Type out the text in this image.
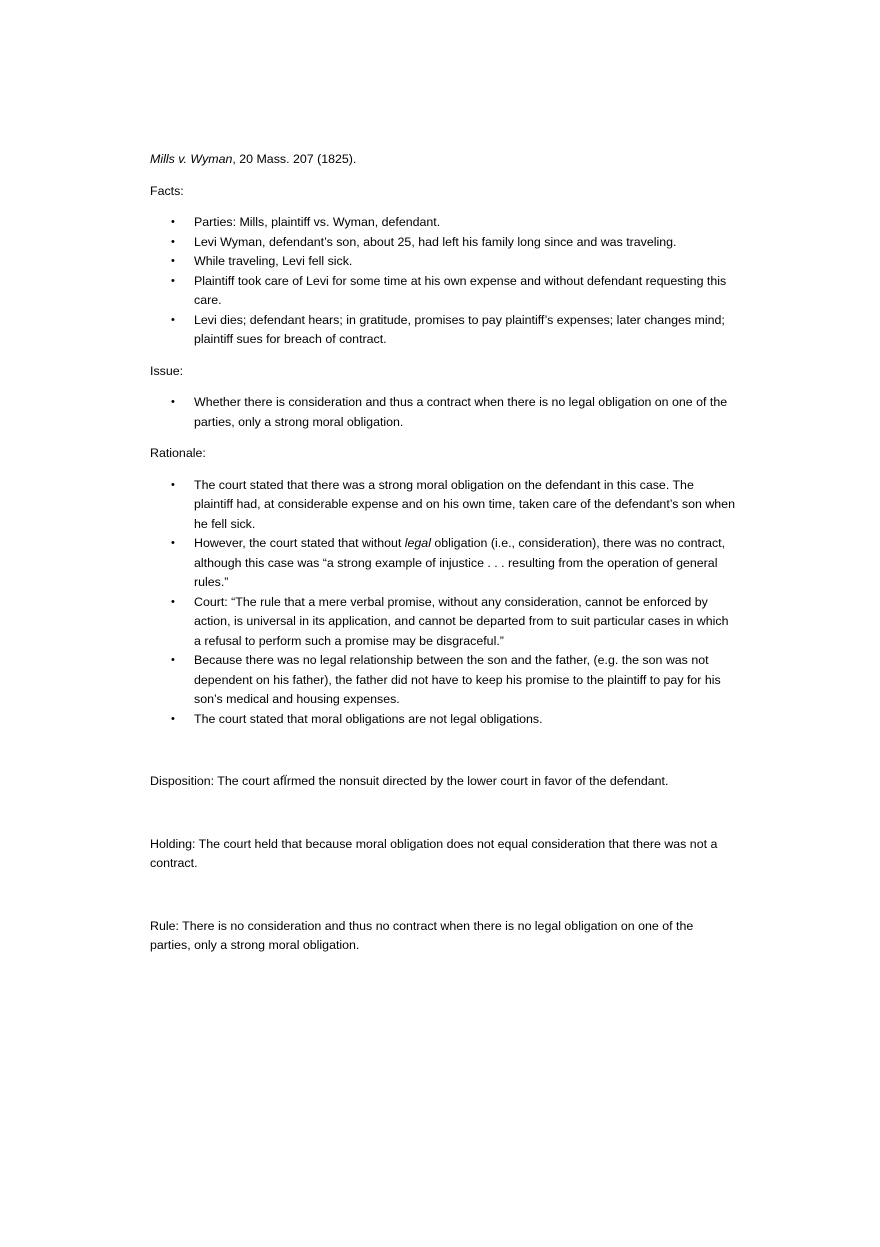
Mills v. Wyman, 20 Mass. 207 (1825).

Facts:

• Parties: Mills, plaintiff vs. Wyman, defendant.
• Levi Wyman, defendant’s son, about 25, had left his family long since and was traveling.
• While traveling, Levi fell sick.
• Plaintiff took care of Levi for some time at his own expense and without defendant requesting this care.
• Levi dies; defendant hears; in gratitude, promises to pay plaintiff’s expenses; later changes mind; plaintiff sues for breach of contract.

Issue:

• Whether there is consideration and thus a contract when there is no legal obligation on one of the parties, only a strong moral obligation.

Rationale:

• The court stated that there was a strong moral obligation on the defendant in this case. The plaintiff had, at considerable expense and on his own time, taken care of the defendant’s son when he fell sick.
• However, the court stated that without legal obligation (i.e., consideration), there was no contract, although this case was “a strong example of injustice . . . resulting from the operation of general rules.”
• Court: “The rule that a mere verbal promise, without any consideration, cannot be enforced by action, is universal in its application, and cannot be departed from to suit particular cases in which a refusal to perform such a promise may be disgraceful.”
• Because there was no legal relationship between the son and the father, (e.g. the son was not dependent on his father), the father did not have to keep his promise to the plaintiff to pay for his son’s medical and housing expenses.
• The court stated that moral obligations are not legal obligations.

Disposition: The court afÏrmed the nonsuit directed by the lower court in favor of the defendant.

Holding: The court held that because moral obligation does not equal consideration that there was not a contract.

Rule: There is no consideration and thus no contract when there is no legal obligation on one of the parties, only a strong moral obligation.
